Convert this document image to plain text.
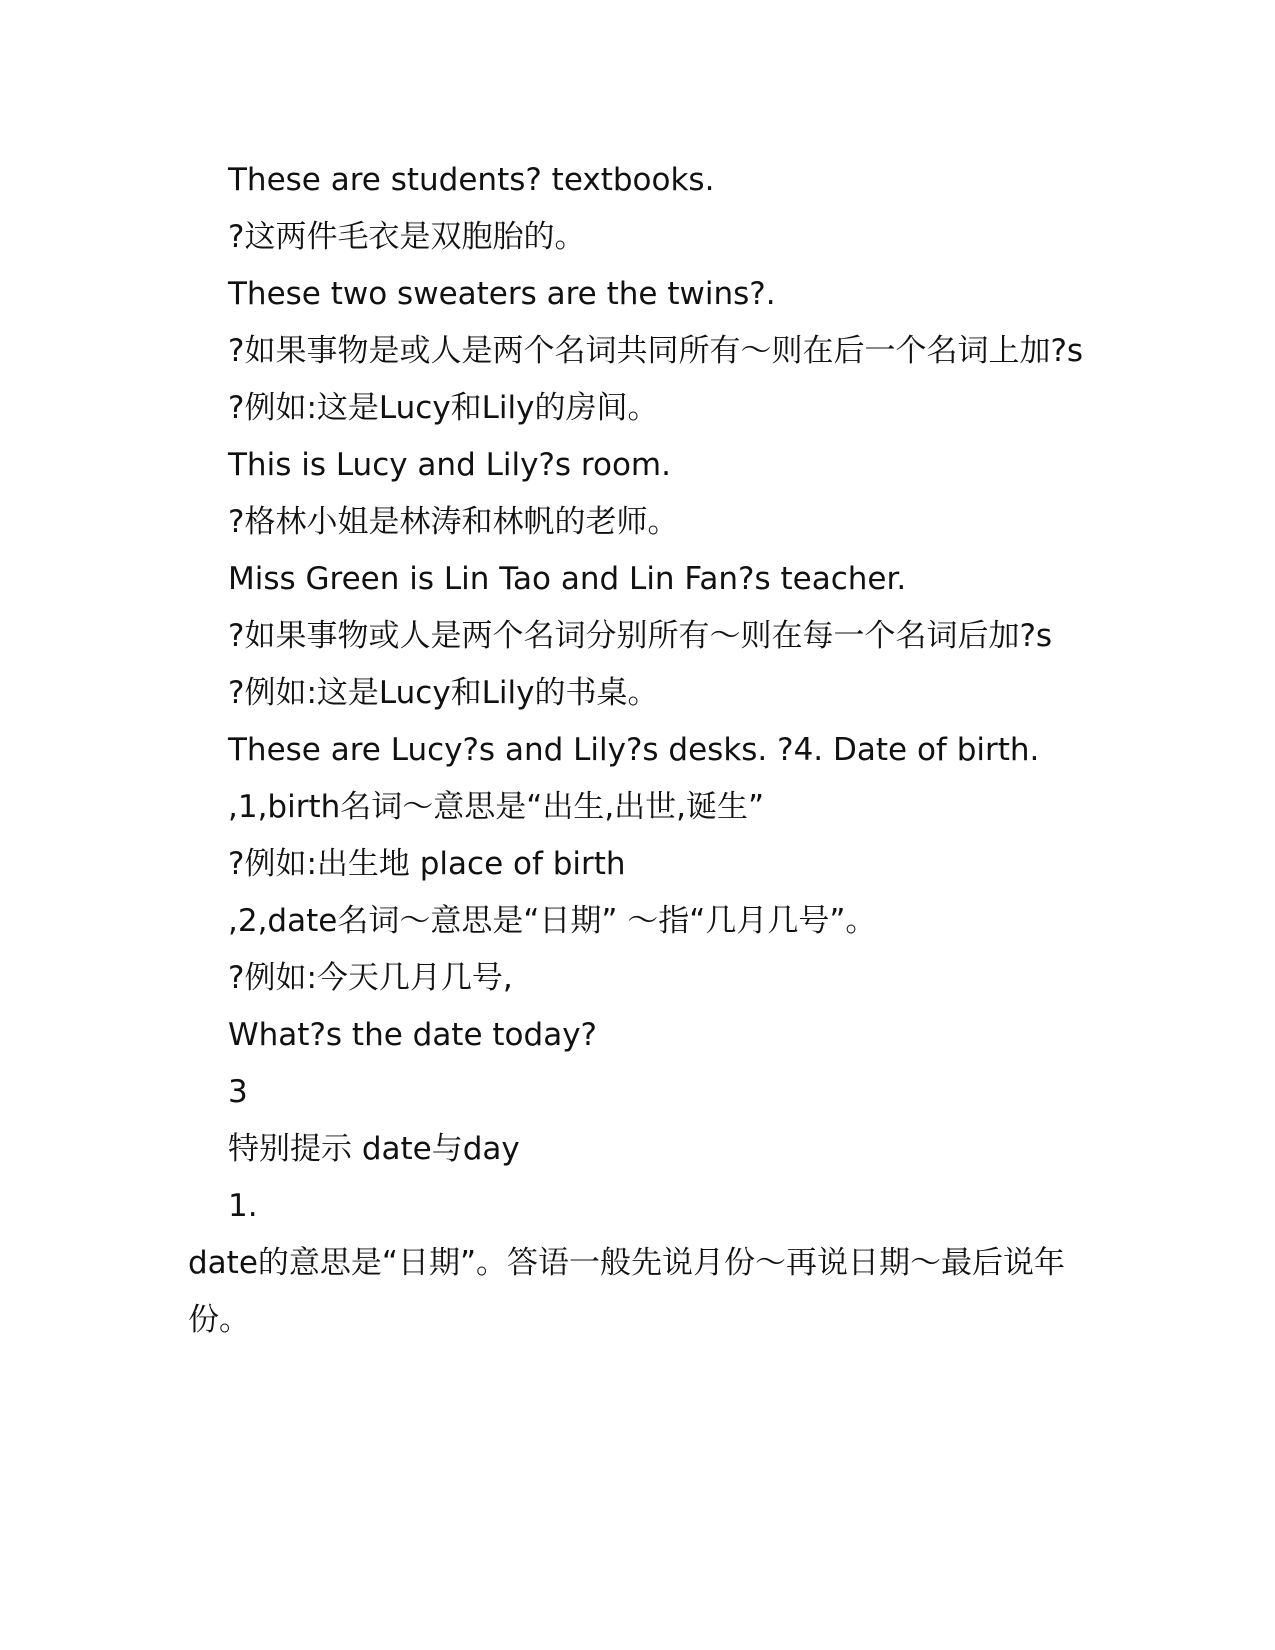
These are students? textbooks.
?这两件毛衣是双胞胎的。
These two sweaters are the twins?.
?如果事物是或人是两个名词共同所有～则在后一个名词上加?s
?例如:这是Lucy和Lily的房间。
This is Lucy and Lily?s room.
?格林小姐是林涛和林帆的老师。
Miss Green is Lin Tao and Lin Fan?s teacher.
?如果事物或人是两个名词分别所有～则在每一个名词后加?s
?例如:这是Lucy和Lily的书桌。
These are Lucy?s and Lily?s desks. ?4. Date of birth.
,1,birth名词～意思是“出生,出世,诞生”
?例如:出生地 place of birth
,2,date名词～意思是“日期” ～指“几月几号”。
?例如:今天几月几号,
What?s the date today?
3
特别提示 date与day
1.
date的意思是“日期”。答语一般先说月份～再说日期～最后说年份。
